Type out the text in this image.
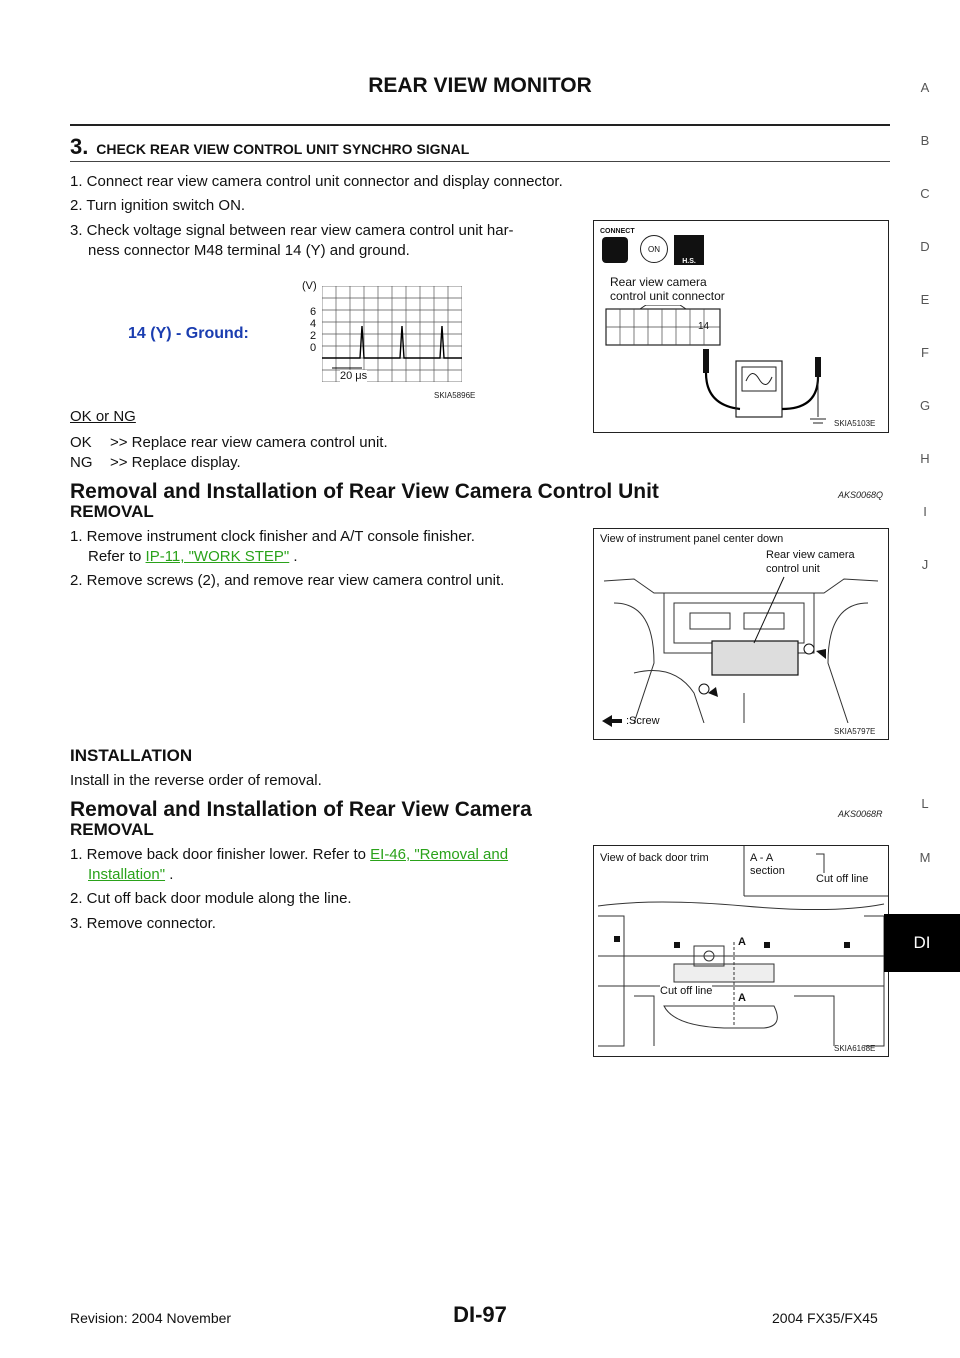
REAR VIEW MONITOR
3. CHECK REAR VIEW CONTROL UNIT SYNCHRO SIGNAL
1. Connect rear view camera control unit connector and display connector.
2. Turn ignition switch ON.
3. Check voltage signal between rear view camera control unit har-
ness connector M48 terminal 14 (Y) and ground.
14 (Y) - Ground:
(V)
6
4
2
0
20 μs
SKIA5896E
CONNECT
ON
H.S.
Rear view camera
control unit connector
14
SKIA5103E
OK or NG
OK >> Replace rear view camera control unit.
NG >> Replace display.
Removal and Installation of Rear View Camera Control Unit	AKS0068Q
REMOVAL
1. Remove instrument clock finisher and A/T console finisher.
Refer to IP-11, "WORK STEP" .
2. Remove screws (2), and remove rear view camera control unit.
View of instrument panel center down
Rear view camera
control unit
:Screw
SKIA5797E
INSTALLATION
Install in the reverse order of removal.
Removal and Installation of Rear View Camera	AKS0068R
REMOVAL
1. Remove back door finisher lower. Refer to EI-46, "Removal and
Installation" .
2. Cut off back door module along the line.
3. Remove connector.
View of back door trim	A - A
section
Cut off line
A
A
Cut off line
SKIA6168E
A
B
C
D
E
F
G
H
I
J
DI
L
M
Revision: 2004 November	DI-97	2004 FX35/FX45
